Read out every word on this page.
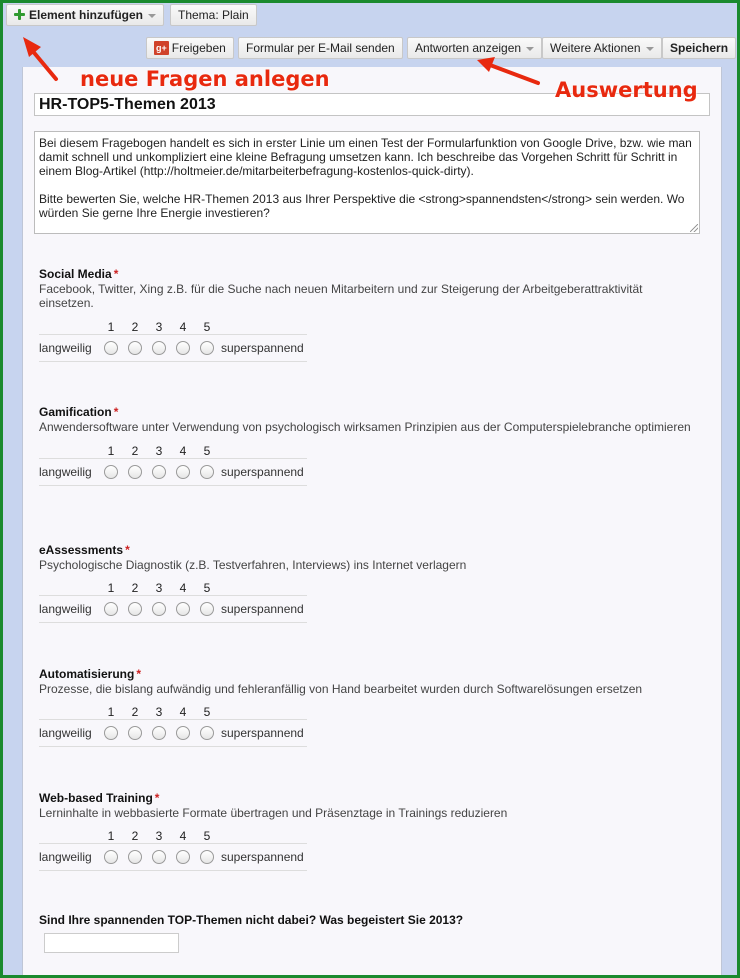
Element hinzufügen	Thema: Plain
g+ Freigeben	Formular per E-Mail senden	Antworten anzeigen	Weitere Aktionen	Speichern
HR-TOP5-Themen 2013

Bei diesem Fragebogen handelt es sich in erster Linie um einen Test der Formularfunktion von Google Drive, bzw. wie man damit schnell und unkompliziert eine kleine Befragung umsetzen kann. Ich beschreibe das Vorgehen Schritt für Schritt in einem Blog-Artikel (http://holtmeier.de/mitarbeiterbefragung-kostenlos-quick-dirty).

Bitte bewerten Sie, welche HR-Themen 2013 aus Ihrer Perspektive die <strong>spannendsten</strong> sein werden. Wo würden Sie gerne Ihre Energie investieren?

Social Media *
Facebook, Twitter, Xing z.B. für die Suche nach neuen Mitarbeitern und zur Steigerung der Arbeitgeberattraktivität einsetzen.
1	2	3	4	5
langweilig	superspannend
Gamification *
Anwendersoftware unter Verwendung von psychologisch wirksamen Prinzipien aus der Computerspielebranche optimieren
1	2	3	4	5
langweilig	superspannend
eAssessments *
Psychologische Diagnostik (z.B. Testverfahren, Interviews) ins Internet verlagern
1	2	3	4	5
langweilig	superspannend
Automatisierung *
Prozesse, die bislang aufwändig und fehleranfällig von Hand bearbeitet wurden durch Softwarelösungen ersetzen
1	2	3	4	5
langweilig	superspannend
Web-based Training *
Lerninhalte in webbasierte Formate übertragen und Präsenztage in Trainings reduzieren
1	2	3	4	5
langweilig	superspannend
Sind Ihre spannenden TOP-Themen nicht dabei? Was begeistert Sie 2013?
neue Fragen anlegen	Auswertung
